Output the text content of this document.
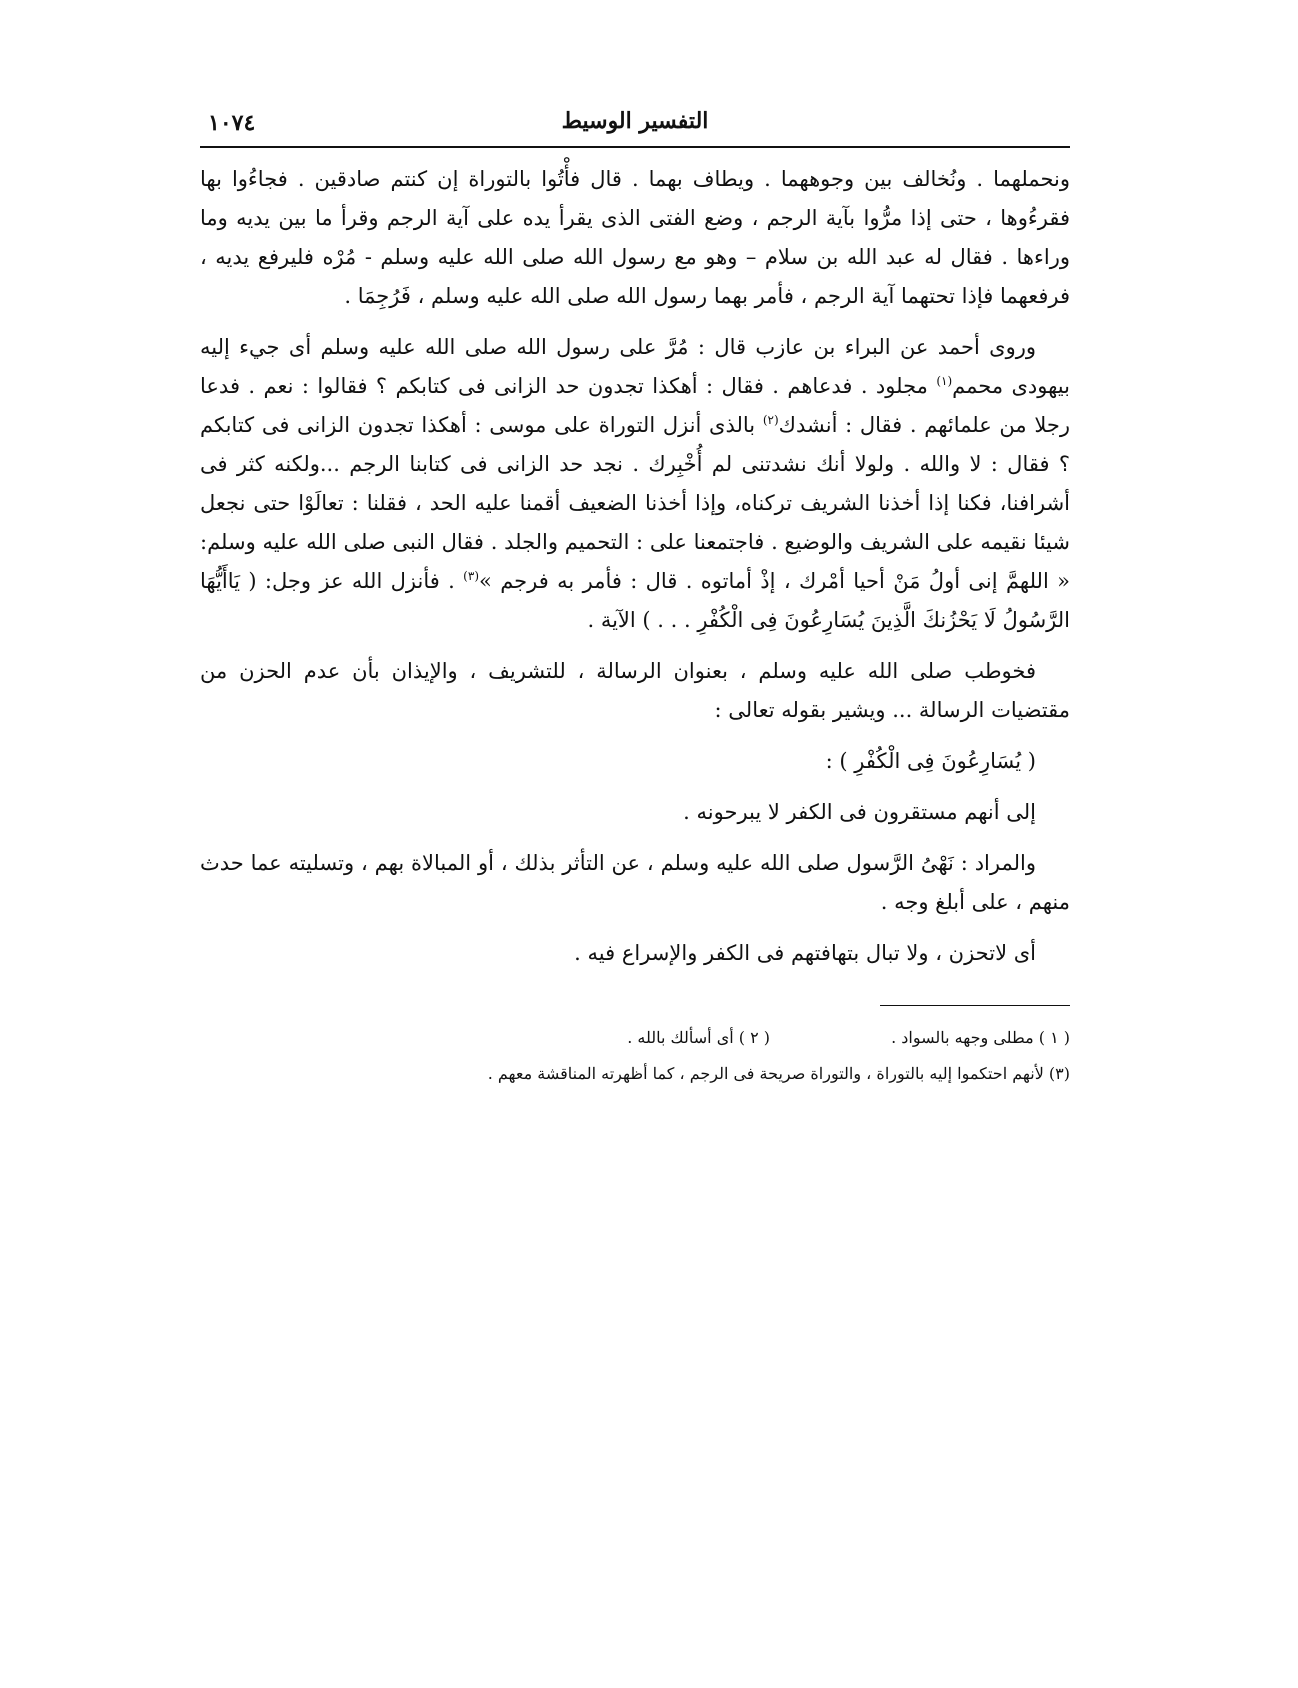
التفسير الوسيط
١٠٧٤

ونحملهما . ونُخالف بين وجوههما . ويطاف بهما . قال فأْتُوا بالتوراة إن كنتم صادقين . فجاءُوا بها فقرءُوها ، حتى إذا مرُّوا بآية الرجم ، وضع الفتى الذى يقرأ يده على آية الرجم وقرأ ما بين يديه وما وراءها . فقال له عبد الله بن سلام – وهو مع رسول الله صلى الله عليه وسلم - مُرْه فليرفع يديه ، فرفعهما فإذا تحتهما آية الرجم ، فأمر بهما رسول الله صلى الله عليه وسلم ، فَرُجِمَا .

وروى أحمد عن البراء بن عازب قال : مُرَّ على رسول الله صلى الله عليه وسلم أى جيء إليه بيهودى محمم$^{(١)}$ مجلود . فدعاهم . فقال : أهكذا تجدون حد الزانى فى كتابكم ؟ فقالوا : نعم . فدعا رجلا من علمائهم . فقال : أنشدك$^{(٢)}$ بالذى أنزل التوراة على موسى : أهكذا تجدون الزانى فى كتابكم ؟ فقال : لا والله . ولولا أنك نشدتنى لم أُخْبِرك . نجد حد الزانى فى كتابنا الرجم ...ولكنه كثر فى أشرافنا، فكنا إذا أخذنا الشريف تركناه، وإذا أخذنا الضعيف أقمنا عليه الحد ، فقلنا : تعالَوْا حتى نجعل شيئا نقيمه على الشريف والوضيع . فاجتمعنا على : التحميم والجلد . فقال النبى صلى الله عليه وسلم: « اللهمَّ إنى أولُ مَنْ أحيا أمْرك ، إذْ أماتوه . قال : فأمر به فرجم »$^{(٣)}$ . فأنزل الله عز وجل: ( يَاأَيُّهَا الرَّسُولُ لَا يَحْزُنكَ الَّذِينَ يُسَارِعُونَ فِى الْكُفْرِ . . . ) الآية .

فخوطب صلى الله عليه وسلم ، بعنوان الرسالة ، للتشريف ، والإيذان بأن عدم الحزن من مقتضيات الرسالة ... ويشير بقوله تعالى :

( يُسَارِعُونَ فِى الْكُفْرِ ) :

إلى أنهم مستقرون فى الكفر لا يبرحونه .

والمراد : نَهْىُ الرَّسول صلى الله عليه وسلم ، عن التأثر بذلك ، أو المبالاة بهم ، وتسليته عما حدث منهم ، على أبلغ وجه .

أى لاتحزن ، ولا تبال بتهافتهم فى الكفر والإسراع فيه .

( ١ ) مطلى وجهه بالسواد .
( ٢ ) أى أسألك بالله .

(٣) لأنهم احتكموا إليه بالتوراة ، والتوراة صريحة فى الرجم ، كما أظهرته المناقشة معهم .
